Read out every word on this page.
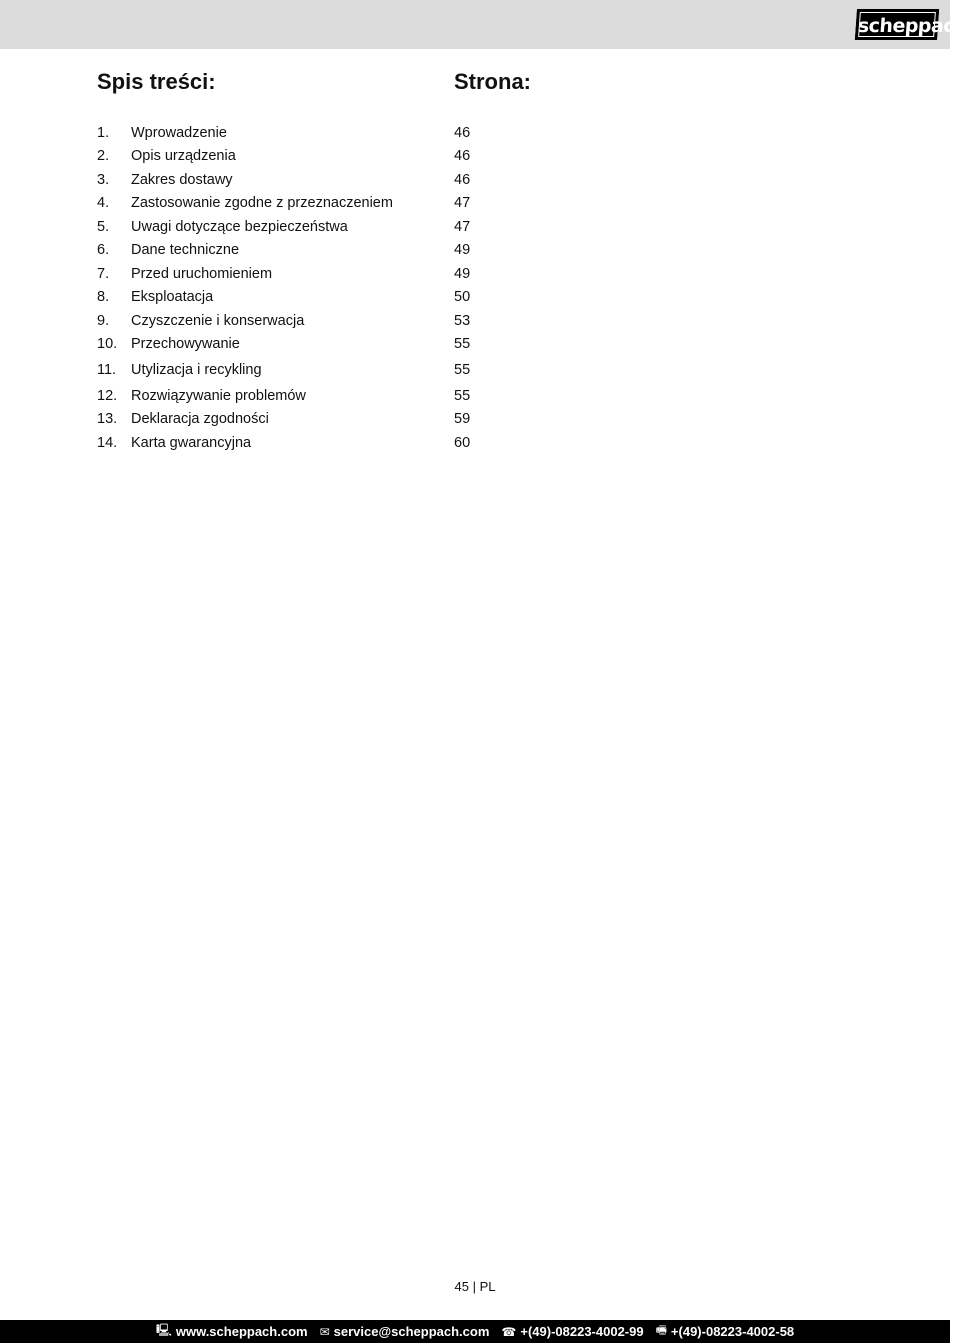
scheppach
Spis treści:	Strona:
1.	Wprowadzenie	46
2.	Opis urządzenia	46
3.	Zakres dostawy	46
4.	Zastosowanie zgodne z przeznaczeniem	47
5.	Uwagi dotyczące bezpieczeństwa	47
6.	Dane techniczne	49
7.	Przed uruchomieniem	49
8.	Eksploatacja	50
9.	Czyszczenie i konserwacja	53
10. Przechowywanie	55
11.	Utylizacja i recykling	55
12. Rozwiązywanie problemów	55
13. Deklaracja zgodności	59
14. Karta gwarancyjna	60
45 | PL
🖳 www.scheppach.com ✉ service@scheppach.com ☎ +(49)-08223-4002-99 🖷 +(49)-08223-4002-58
